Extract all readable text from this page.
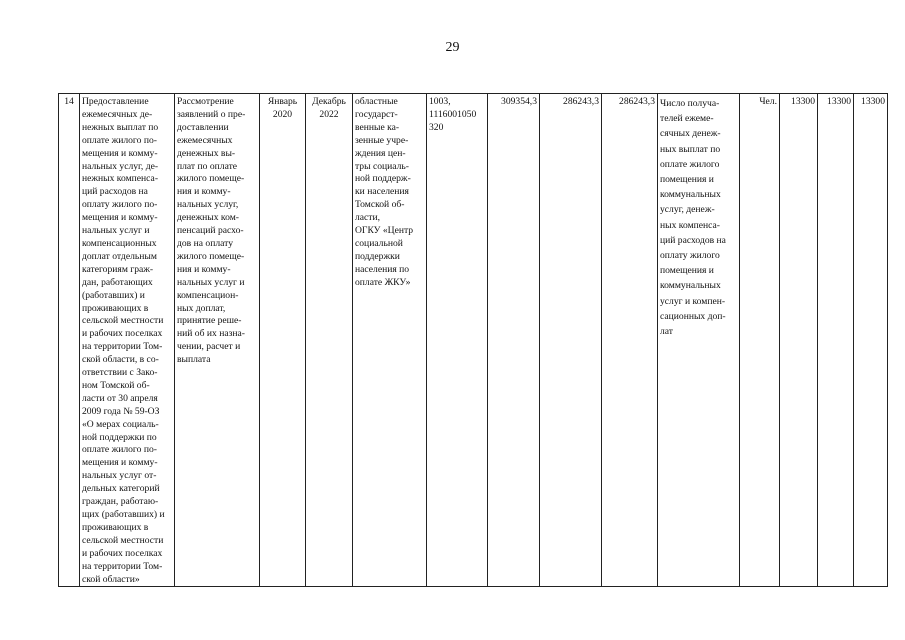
29
14	Предоставление
ежемесячных де-
нежных выплат по
оплате жилого по-
мещения и комму-
нальных услуг, де-
нежных компенса-
ций расходов на
оплату жилого по-
мещения и комму-
нальных услуг и
компенсационных
доплат отдельным
категориям граж-
дан, работающих
(работавших) и
проживающих в
сельской местности
и рабочих поселках
на территории Том-
ской области, в со-
ответствии с Зако-
ном Томской об-
ласти от 30 апреля
2009 года № 59-ОЗ
«О мерах социаль-
ной поддержки по
оплате жилого по-
мещения и комму-
нальных услуг от-
дельных категорий
граждан, работаю-
щих (работавших) и
проживающих в
сельской местности
и рабочих поселках
на территории Том-
ской области»	Рассмотрение
заявлений о пре-
доставлении
ежемесячных
денежных вы-
плат по оплате
жилого помеще-
ния и комму-
нальных услуг,
денежных ком-
пенсаций расхо-
дов на оплату
жилого помеще-
ния и комму-
нальных услуг и
компенсацион-
ных доплат,
принятие реше-
ний об их назна-
чении, расчет и
выплата	Январь
2020	Декабрь
2022	областные
государст-
венные ка-
зенные учре-
ждения цен-
тры социаль-
ной поддерж-
ки населения
Томской об-
ласти,
ОГКУ «Центр
социальной
поддержки
населения по
оплате ЖКУ»	1003,
1116001050
320	309354,3	286243,3	286243,3	Число получа-
телей ежеме-
сячных денеж-
ных выплат по
оплате жилого
помещения и
коммунальных
услуг, денеж-
ных компенса-
ций расходов на
оплату жилого
помещения и
коммунальных
услуг и компен-
сационных доп-
лат	Чел.	13300	13300	13300
